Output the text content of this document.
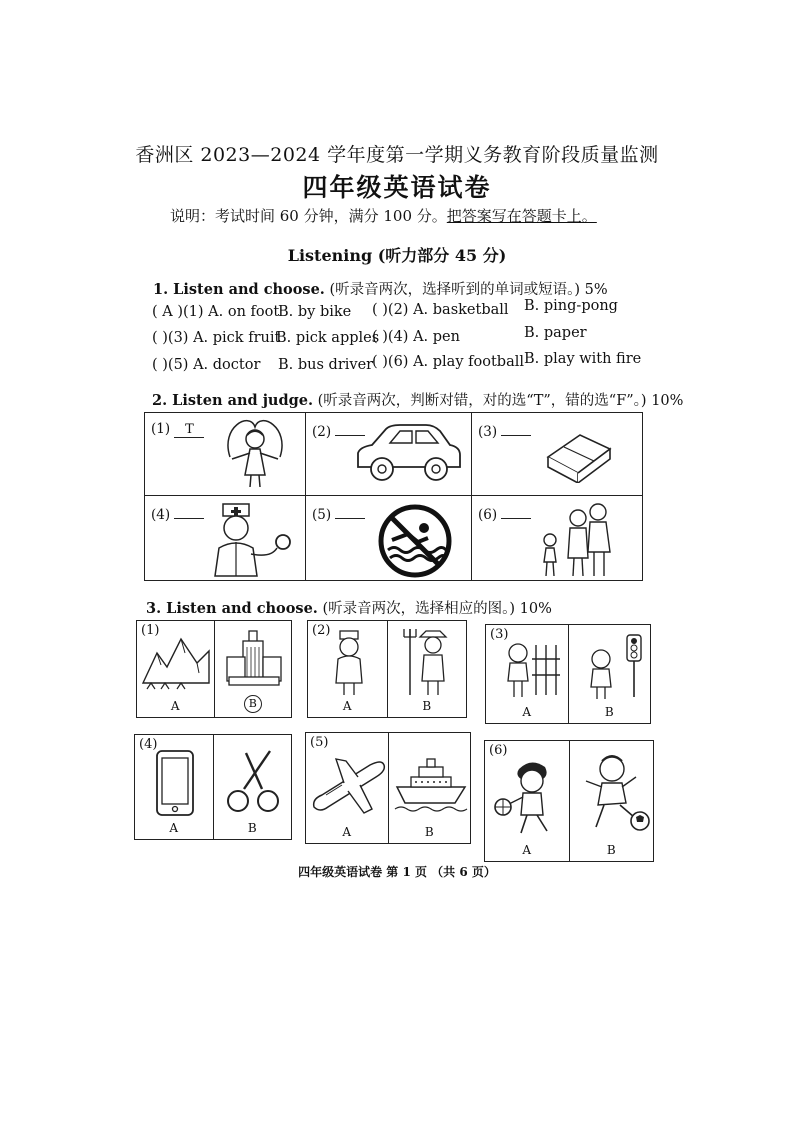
香洲区 2023—2024 学年度第一学期义务教育阶段质量监测
四年级英语试卷
说明：考试时间 60 分钟，满分 100 分。把答案写在答题卡上。
Listening (听力部分 45 分)
1. Listen and choose. (听录音两次，选择听到的单词或短语。) 5%
( A )(1) A. on foot
B. by bike ( )(2) A. basketball B. ping-pong
( )(3) A. pick fruit
B. pick apples
( )(4) A. pen	B. paper
( )(5) A. doctor B. bus driver
( )(6) A. play football B. play with fire
2. Listen and judge. (听录音两次，判断对错，对的选“T”，错的选“F”。) 10%
(1) T	(2)	(3)
(4)	(5)	(6)
3. Listen and choose. (听录音两次，选择相应的图。) 10%
(1)
A	B
(2)
A	B
(3)
A	B
(4)
A	B
(5)
A	B
(6)
A	B
四年级英语试卷 第 1 页 （共 6 页）
